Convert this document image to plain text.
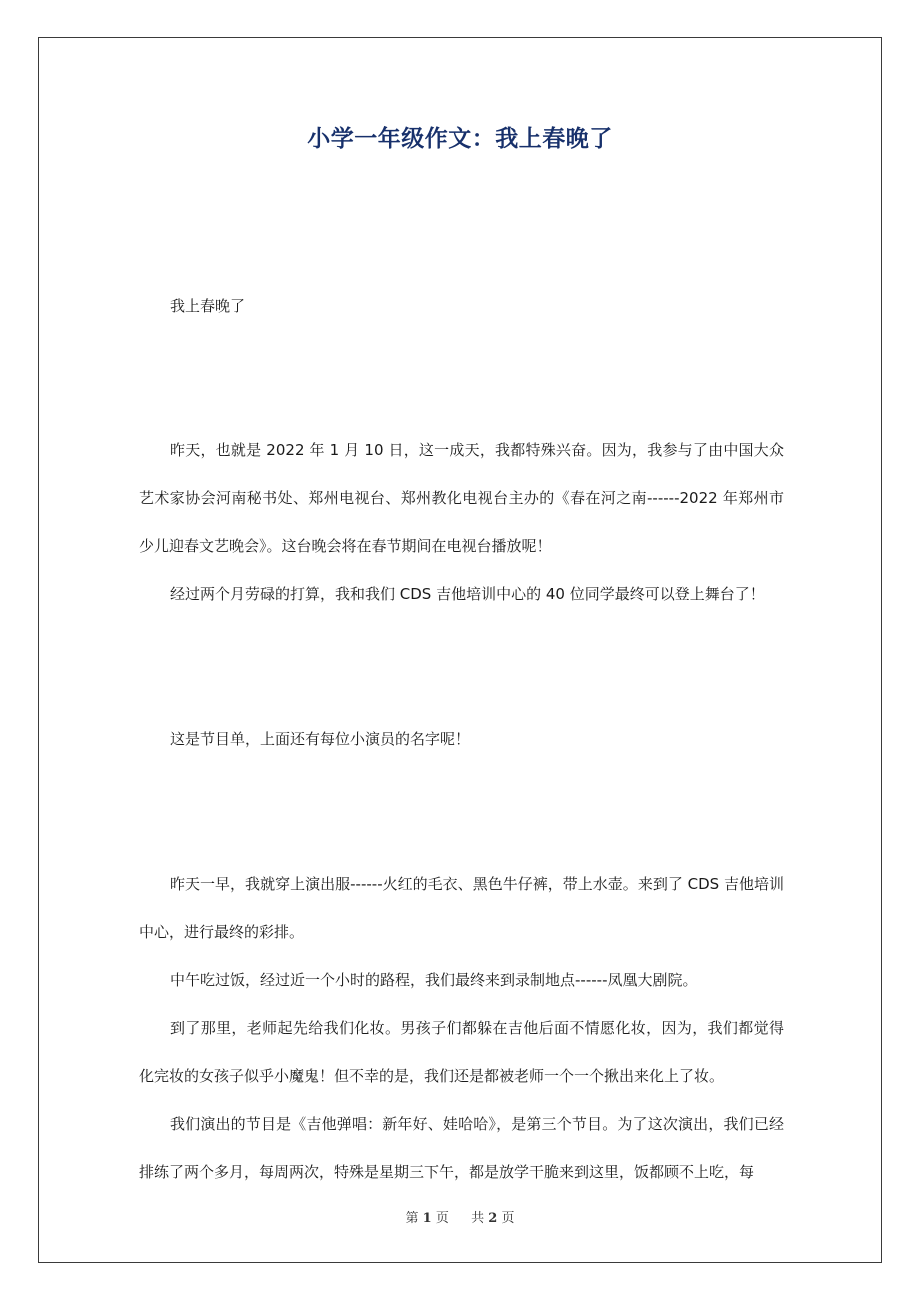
小学一年级作文：我上春晚了

我上春晚了

昨天，也就是 2022 年 1 月 10 日，这一成天，我都特殊兴奋。因为，我参与了由中国大众艺术家协会河南秘书处、郑州电视台、郑州教化电视台主办的《春在河之南------2022 年郑州市少儿迎春文艺晚会》。这台晚会将在春节期间在电视台播放呢！

经过两个月劳碌的打算，我和我们 CDS 吉他培训中心的 40 位同学最终可以登上舞台了！

这是节目单，上面还有每位小演员的名字呢！

昨天一早，我就穿上演出服------火红的毛衣、黑色牛仔裤，带上水壶。来到了 CDS 吉他培训中心，进行最终的彩排。

中午吃过饭，经过近一个小时的路程，我们最终来到录制地点------凤凰大剧院。

到了那里，老师起先给我们化妆。男孩子们都躲在吉他后面不情愿化妆，因为，我们都觉得化完妆的女孩子似乎小魔鬼！但不幸的是，我们还是都被老师一个一个揪出来化上了妆。

我们演出的节目是《吉他弹唱：新年好、娃哈哈》，是第三个节目。为了这次演出，我们已经排练了两个多月，每周两次，特殊是星期三下午，都是放学干脆来到这里，饭都顾不上吃，每

第 1 页 共 2 页
